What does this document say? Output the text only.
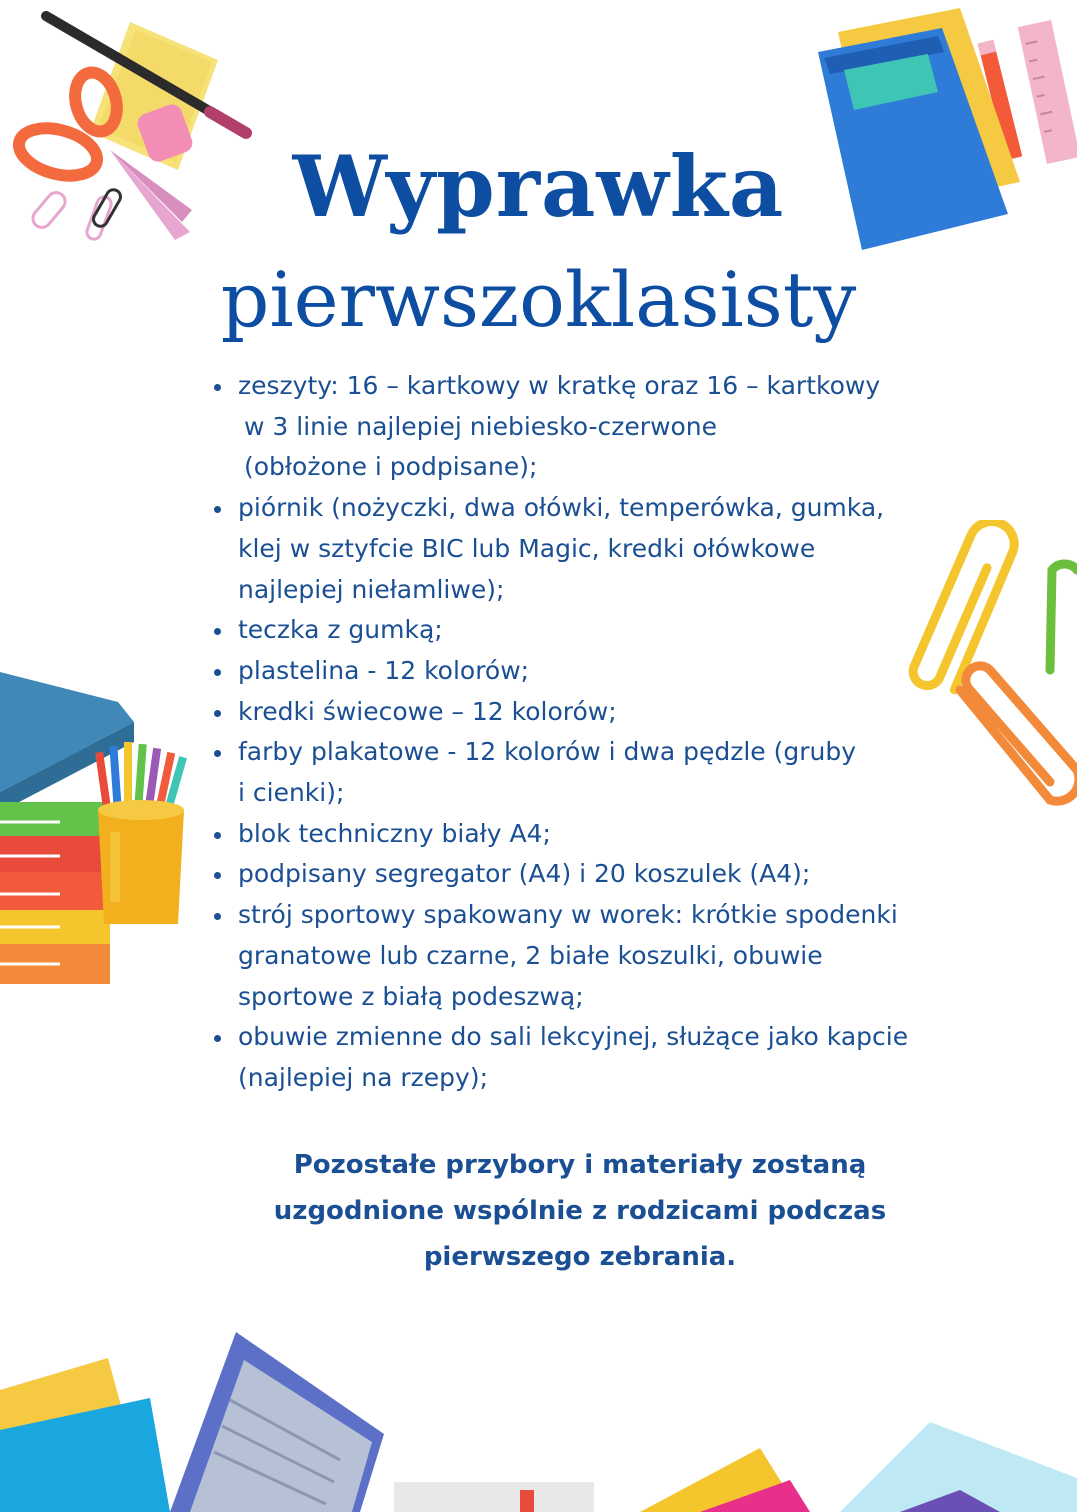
Wyprawka
pierwszoklasisty
zeszyty: 16 – kartkowy w kratkę oraz 16 – kartkowy
w 3 linie najlepiej niebiesko-czerwone
(obłożone i podpisane);
piórnik (nożyczki, dwa ołówki, temperówka, gumka,
klej w sztyfcie BIC lub Magic, kredki ołówkowe
najlepiej niełamliwe);
teczka z gumką;
plastelina - 12 kolorów;
kredki świecowe – 12 kolorów;
farby plakatowe - 12 kolorów i dwa pędzle (gruby
i cienki);
blok techniczny biały A4;
podpisany segregator (A4) i 20 koszulek (A4);
strój sportowy spakowany w worek: krótkie spodenki
granatowe lub czarne, 2 białe koszulki, obuwie
sportowe z białą podeszwą;
obuwie zmienne do sali lekcyjnej, służące jako kapcie
(najlepiej na rzepy);

Pozostałe przybory i materiały zostaną
uzgodnione wspólnie z rodzicami podczas
pierwszego zebrania.
